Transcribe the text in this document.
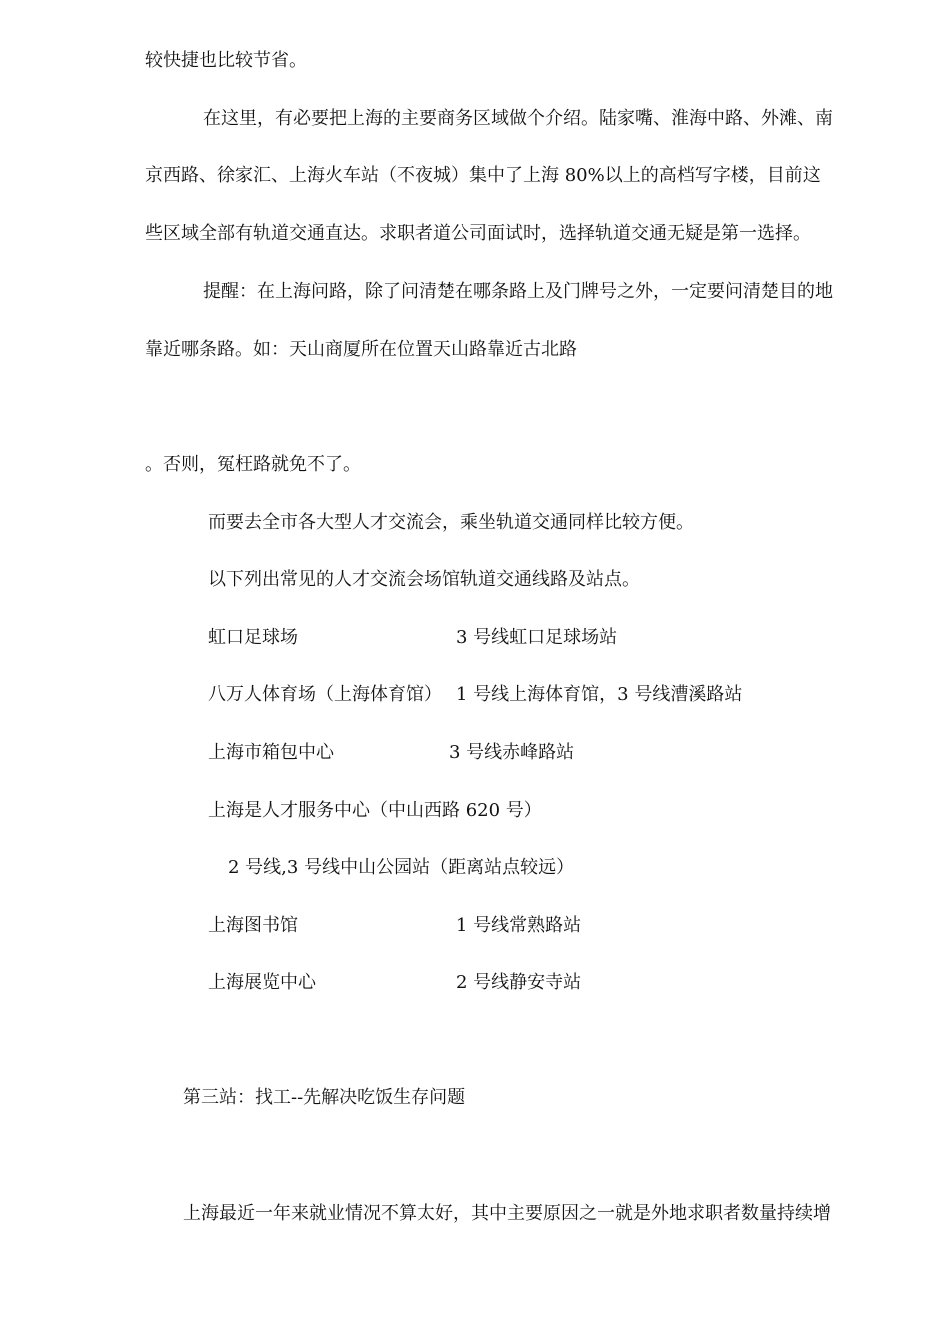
较快捷也比较节省。
在这里，有必要把上海的主要商务区域做个介绍。陆家嘴、淮海中路、外滩、南
京西路、徐家汇、上海火车站（不夜城）集中了上海 80%以上的高档写字楼，目前这
些区域全部有轨道交通直达。求职者道公司面试时，选择轨道交通无疑是第一选择。
提醒：在上海问路，除了问清楚在哪条路上及门牌号之外，一定要问清楚目的地
靠近哪条路。如：天山商厦所在位置天山路靠近古北路
。否则，冤枉路就免不了。
而要去全市各大型人才交流会，乘坐轨道交通同样比较方便。
以下列出常见的人才交流会场馆轨道交通线路及站点。
虹口足球场	3 号线虹口足球场站
八万人体育场（上海体育馆） 1 号线上海体育馆，3 号线漕溪路站
上海市箱包中心	3 号线赤峰路站
上海是人才服务中心（中山西路 620 号）
2 号线,3 号线中山公园站（距离站点较远）
上海图书馆	1 号线常熟路站
上海展览中心	2 号线静安寺站
第三站：找工--先解决吃饭生存问题
上海最近一年来就业情况不算太好，其中主要原因之一就是外地求职者数量持续增
